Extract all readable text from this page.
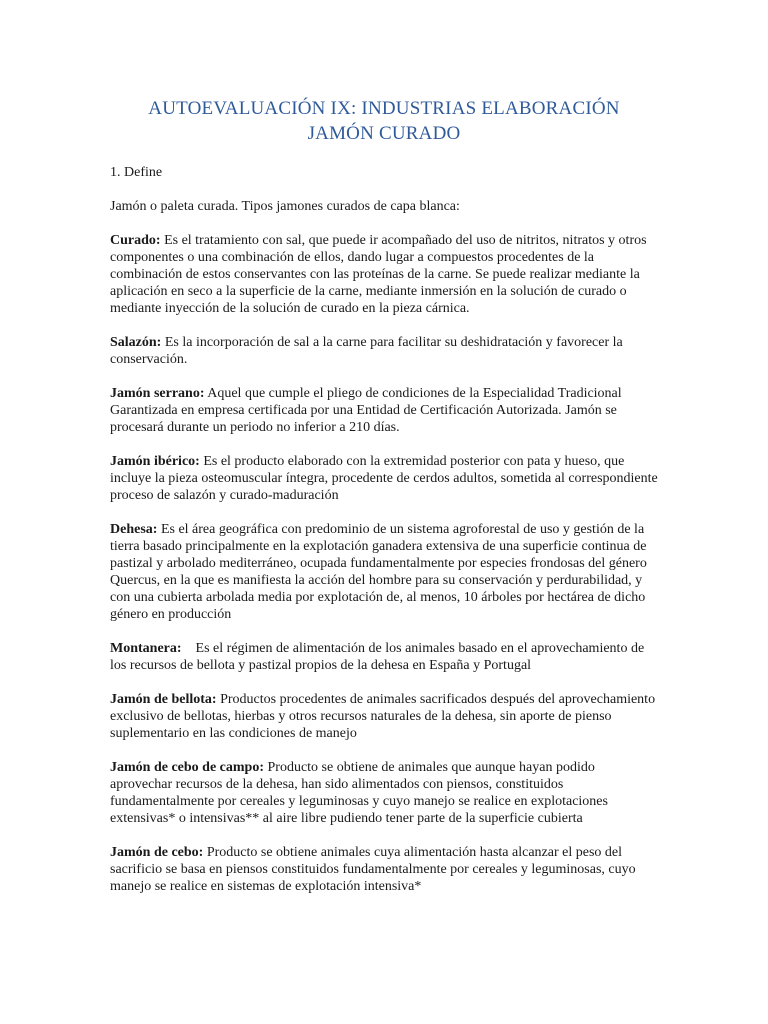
AUTOEVALUACIÓN IX: INDUSTRIAS ELABORACIÓN
JAMÓN CURADO

1. Define

Jamón o paleta curada. Tipos jamones curados de capa blanca:

Curado: Es el tratamiento con sal, que puede ir acompañado del uso de nitritos, nitratos y otros componentes o una combinación de ellos, dando lugar a compuestos procedentes de la combinación de estos conservantes con las proteínas de la carne. Se puede realizar mediante la aplicación en seco a la superficie de la carne, mediante inmersión en la solución de curado o mediante inyección de la solución de curado en la pieza cárnica.

Salazón: Es la incorporación de sal a la carne para facilitar su deshidratación y favorecer la conservación.

Jamón serrano: Aquel que cumple el pliego de condiciones de la Especialidad Tradicional Garantizada en empresa certificada por una Entidad de Certificación Autorizada. Jamón se procesará durante un periodo no inferior a 210 días.

Jamón ibérico: Es el producto elaborado con la extremidad posterior con pata y hueso, que incluye la pieza osteomuscular íntegra, procedente de cerdos adultos, sometida al correspondiente proceso de salazón y curado-maduración

Dehesa: Es el área geográfica con predominio de un sistema agroforestal de uso y gestión de la tierra basado principalmente en la explotación ganadera extensiva de una superficie continua de pastizal y arbolado mediterráneo, ocupada fundamentalmente por especies frondosas del género Quercus, en la que es manifiesta la acción del hombre para su conservación y perdurabilidad, y con una cubierta arbolada media por explotación de, al menos, 10 árboles por hectárea de dicho género en producción

Montanera:    Es el régimen de alimentación de los animales basado en el aprovechamiento de los recursos de bellota y pastizal propios de la dehesa en España y Portugal

Jamón de bellota: Productos procedentes de animales sacrificados después del aprovechamiento exclusivo de bellotas, hierbas y otros recursos naturales de la dehesa, sin aporte de pienso suplementario en las condiciones de manejo

Jamón de cebo de campo: Producto se obtiene de animales que aunque hayan podido aprovechar recursos de la dehesa, han sido alimentados con piensos, constituidos fundamentalmente por cereales y leguminosas y cuyo manejo se realice en explotaciones extensivas* o intensivas** al aire libre pudiendo tener parte de la superficie cubierta

Jamón de cebo: Producto se obtiene animales cuya alimentación hasta alcanzar el peso del sacrificio se basa en piensos constituidos fundamentalmente por cereales y leguminosas, cuyo manejo se realice en sistemas de explotación intensiva*
